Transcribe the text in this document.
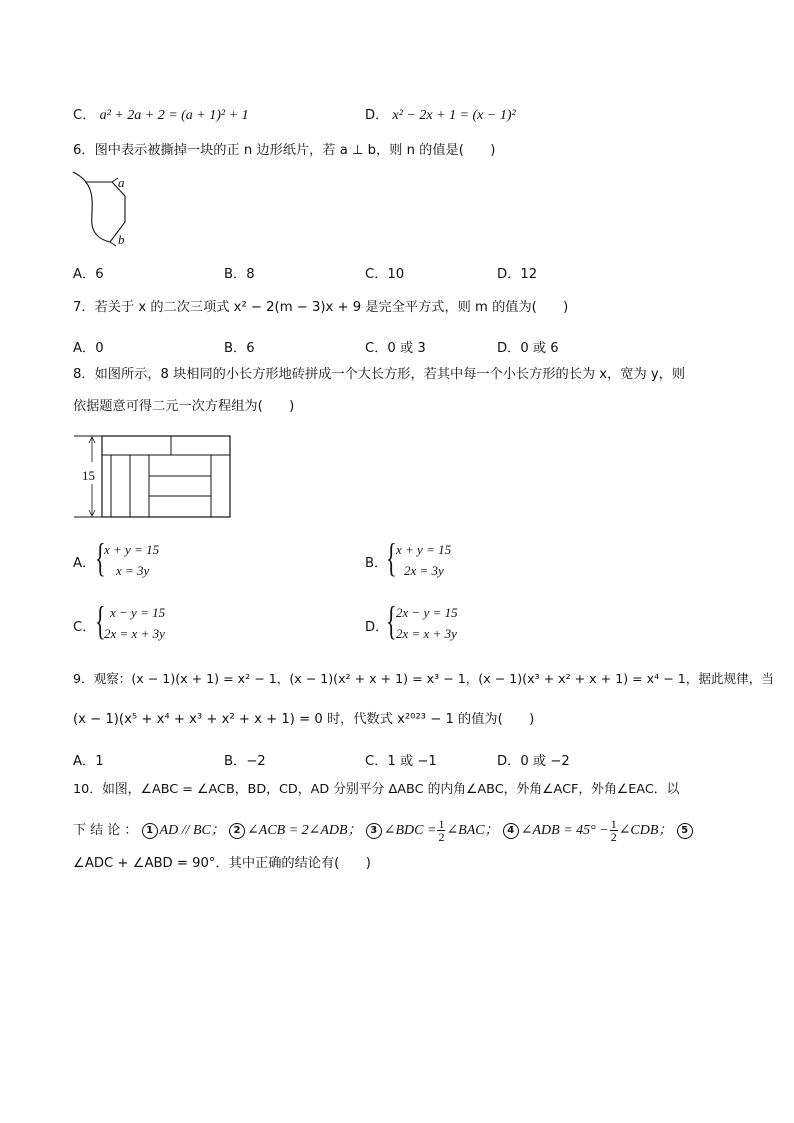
C． a² + 2a + 2 = (a + 1)² + 1	D． x² − 2x + 1 = (x − 1)²
6．图中表示被撕掉一块的正 n 边形纸片，若 a ⊥ b，则 n 的值是(　　)
a
b
A．6	B．8	C．10	D．12
7．若关于 x 的二次三项式 x² − 2(m − 3)x + 9 是完全平方式，则 m 的值为(　　)
A．0	B．6	C．0 或 3	D．0 或 6
8．如图所示，8 块相同的小长方形地砖拼成一个大长方形，若其中每一个小长方形的长为 x，宽为 y，则
依据题意可得二元一次方程组为(　　)
15
A． {
x + y = 15
x = 3y	B．
{ x + y = 15
2x = 3y
C． { x − y = 15
2x = x + 3y	D．
{ 2x − y = 15
2x = x + 3y
9．观察：(x − 1)(x + 1) = x² − 1，(x − 1)(x² + x + 1) = x³ − 1，(x − 1)(x³ + x² + x + 1) = x⁴ − 1，据此规律，当
(x − 1)(x⁵ + x⁴ + x³ + x² + x + 1) = 0 时，代数式 x²⁰²³ − 1 的值为(　　)
A．1	B．−2	C．1 或 −1	D．0 或 −2
10．如图，∠ABC = ∠ACB，BD，CD，AD 分别平分 ΔABC 的内角∠ABC，外角∠ACF，外角∠EAC．以
下 结 论 ： 1 AD // BC； 2 ∠ACB = 2∠ADB； 3 ∠BDC = $\frac{1}{2}$ ∠BAC； 4 ∠ADB = $45^\circ - \frac{1}{2}$ ∠CDB； 5
∠ADC + ∠ABD = 90°．其中正确的结论有(　　)
